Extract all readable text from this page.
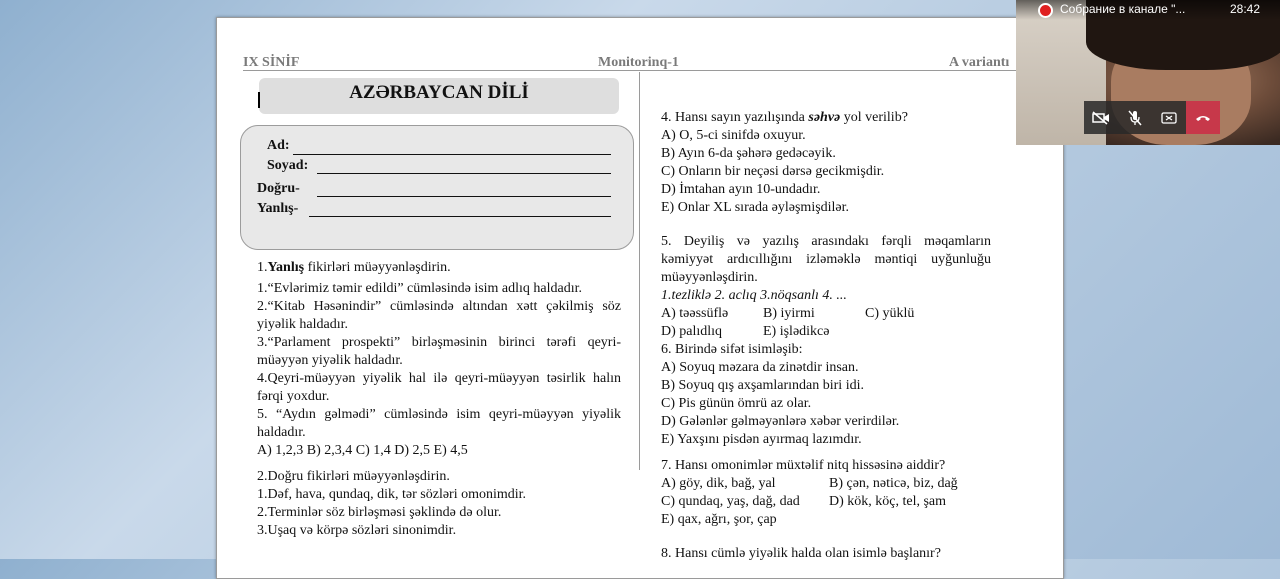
IX SİNİF	Monitorinq-1	A variantı
AZƏRBAYCAN DİLİ
Ad:
Soyad:
Doğru-
Yanlış-

1.Yanlış fikirləri müəyyənləşdirin.

1.“Evlərimiz təmir edildi” cümləsində isim adlıq haldadır.

2.“Kitab Həsənindir” cümləsində altından xətt çəkilmiş söz yiyəlik haldadır.

3.“Parlament prospekti” birləşməsinin birinci tərəfi qeyri-müəyyən yiyəlik haldadır.

4.Qeyri-müəyyən yiyəlik hal ilə qeyri-müəyyən təsirlik halın fərqi yoxdur.

5. “Aydın gəlmədi” cümləsində isim qeyri-müəyyən yiyəlik haldadır.

A) 1,2,3 B) 2,3,4 C) 1,4 D) 2,5 E) 4,5

2.Doğru fikirləri müəyyənləşdirin.

1.Dəf, hava, qundaq, dik, tər sözləri omonimdir.

2.Terminlər söz birləşməsi şəklində də olur.

3.Uşaq və körpə sözləri sinonimdir.

4. Hansı sayın yazılışında səhvə yol verilib?

A) O, 5-ci sinifdə oxuyur.

B) Ayın 6-da şəhərə gedəcəyik.

C) Onların bir neçəsi dərsə gecikmişdir.

D) İmtahan ayın 10-undadır.

E) Onlar XL sırada əyləşmişdilər.

5. Deyiliş və yazılış arasındakı fərqli məqamların kəmiyyət ardıcıllığını izləməklə məntiqi uyğunluğu müəyyənləşdirin.

1.tezliklə 2. aclıq 3.nöqsanlı 4. ...

A) təəssüflə B) iyirmi	C) yüklü

D) palıdlıq	E) işlədikcə

6. Birində sifət isimləşib:

A) Soyuq məzara da zinətdir insan.

B) Soyuq qış axşamlarından biri idi.

C) Pis günün ömrü az olar.

D) Gələnlər gəlməyənlərə xəbər verirdilər.

E) Yaxşını pisdən ayırmaq lazımdır.

7. Hansı omonimlər müxtəlif nitq hissəsinə aiddir?

A) göy, dik, bağ, yal	B) çən, nəticə, biz, dağ

C) qundaq, yaş, dağ, dad D) kök, köç, tel, şam

E) qax, ağrı, şor, çap

8. Hansı cümlə yiyəlik halda olan isimlə başlanır?

Собрание в канале "...	28:42
